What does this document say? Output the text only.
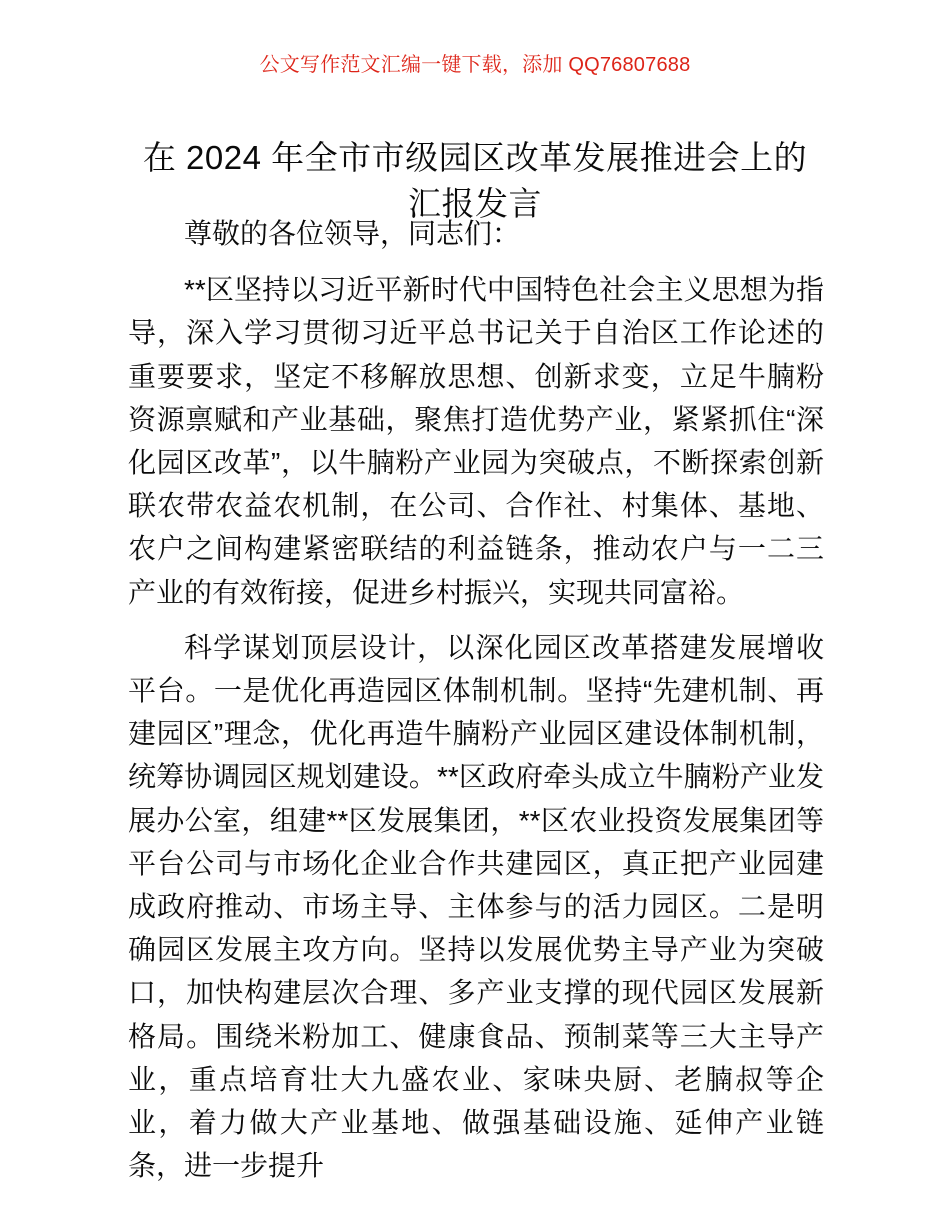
公文写作范文汇编一键下载，添加 QQ76807688
在 2024 年全市市级园区改革发展推进会上的汇报发言

尊敬的各位领导，同志们：

**区坚持以习近平新时代中国特色社会主义思想为指导，深入学习贯彻习近平总书记关于自治区工作论述的重要要求，坚定不移解放思想、创新求变，立足牛腩粉资源禀赋和产业基础，聚焦打造优势产业，紧紧抓住“深化园区改革”，以牛腩粉产业园为突破点，不断探索创新联农带农益农机制，在公司、合作社、村集体、基地、农户之间构建紧密联结的利益链条，推动农户与一二三产业的有效衔接，促进乡村振兴，实现共同富裕。

科学谋划顶层设计，以深化园区改革搭建发展增收平台。一是优化再造园区体制机制。坚持“先建机制、再建园区”理念，优化再造牛腩粉产业园区建设体制机制，统筹协调园区规划建设。**区政府牵头成立牛腩粉产业发展办公室，组建**区发展集团，**区农业投资发展集团等平台公司与市场化企业合作共建园区，真正把产业园建成政府推动、市场主导、主体参与的活力园区。二是明确园区发展主攻方向。坚持以发展优势主导产业为突破口，加快构建层次合理、多产业支撑的现代园区发展新格局。围绕米粉加工、健康食品、预制菜等三大主导产业，重点培育壮大九盛农业、家味央厨、老腩叔等企业，着力做大产业基地、做强基础设施、延伸产业链条，进一步提升
